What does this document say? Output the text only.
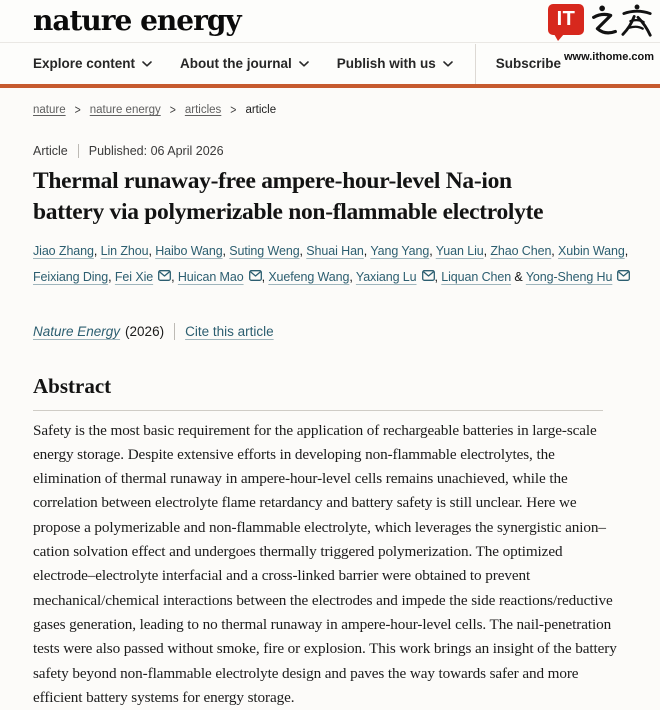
nature energy	IT
www.ithome.com
Explore content	About the journal	Publish with us	Subscribe
nature > nature energy > articles > article
Article Published: 06 April 2026
Thermal runaway-free ampere-hour-level Na-ion
battery via polymerizable non-flammable electrolyte
Jiao Zhang, Lin Zhou, Haibo Wang, Suting Weng, Shuai Han, Yang Yang, Yuan Liu, Zhao Chen, Xubin Wang, Feixiang Ding, Fei Xie , Huican Mao , Xuefeng Wang, Yaxiang Lu , Liquan Chen & Yong-Sheng Hu
Nature Energy (2026) Cite this article
Abstract

Safety is the most basic requirement for the application of rechargeable batteries in large-scale energy storage. Despite extensive efforts in developing non-flammable electrolytes, the elimination of thermal runaway in ampere-hour-level cells remains unachieved, while the correlation between electrolyte flame retardancy and battery safety is still unclear. Here we propose a polymerizable and non-flammable electrolyte, which leverages the synergistic anion–cation solvation effect and undergoes thermally triggered polymerization. The optimized electrode–electrolyte interfacial and a cross-linked barrier were obtained to prevent mechanical/chemical interactions between the electrodes and impede the side reactions/reductive gases generation, leading to no thermal runaway in ampere-hour-level cells. The nail-penetration tests were also passed without smoke, fire or explosion. This work brings an insight of the battery safety beyond non-flammable electrolyte design and paves the way towards safer and more efficient battery systems for energy storage.
